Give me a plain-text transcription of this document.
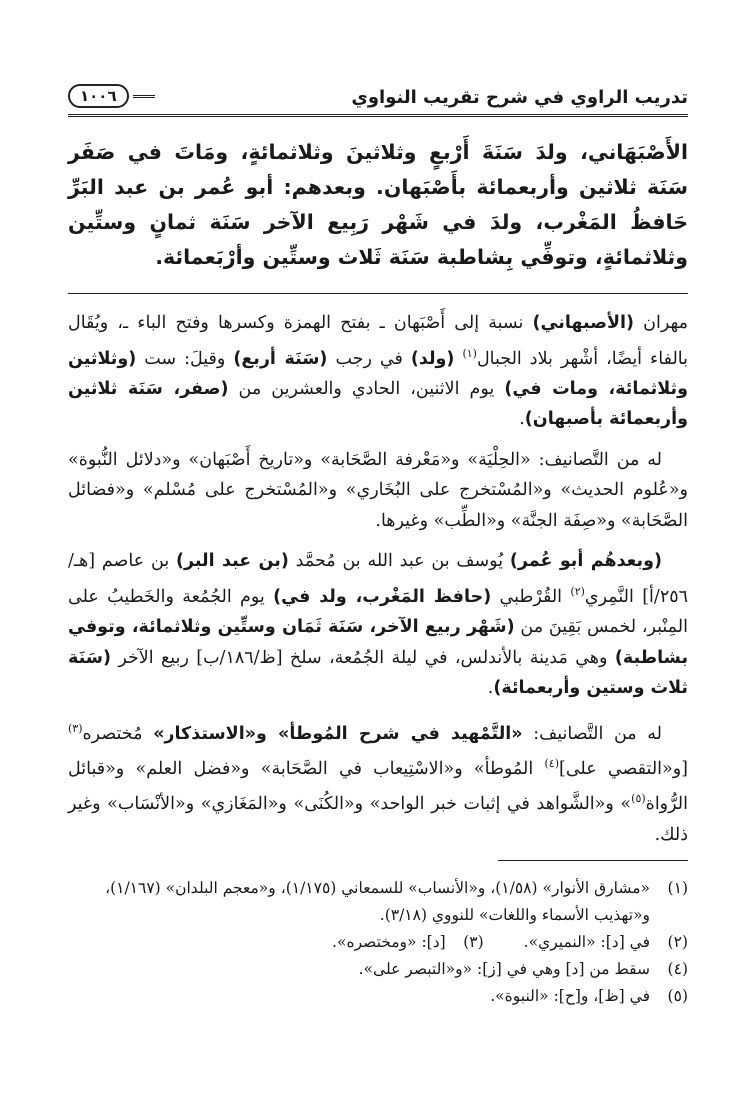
تدريب الراوي في شرح تقريب النواوي
١٠٠٦
الأَصْبَهَاني، ولدَ سَنَةَ أَرْبعٍ وثلاثينَ وثلاثمائةٍ، ومَاتَ في صَفَر سَنَة ثلاثين وأربعمائة بأَصْبَهان. وبعدهم: أبو عُمر بن عبد البَرِّ حَافظُ المَغْرب، ولدَ في شَهْر رَبِيع الآخر سَنَة ثمانٍ وستِّين وثلاثمائةٍ، وتوفِّي بِشاطبة سَنَة ثَلاث وستِّين وأرْبَعمائة.

مهران (الأصبهاني) نسبة إلى أَصْبَهان ـ بفتح الهمزة وكسرها وفتح الباء ـ، ويُقَال بالفاء أيضًا، أشْهر بلاد الجبال$^{(١)}$ (ولد) في رجب (سَنَة أربع) وقيلَ: ست (وثلاثين وثلاثمائة، ومات في) يوم الاثنين، الحادي والعشرين من (صفر، سَنَة ثلاثين وأربعمائة بأصبهان).

له من التَّصانيف: «الحِلْيَة» و«مَعْرفة الصَّحَابة» و«تاريخ أَصْبَهان» و«دلائل النُّبوة» و«عُلوم الحديث» و«المُسْتخرج على البُخَاري» و«المُسْتخرج على مُسْلم» و«فضائل الصَّحَابة» و«صِفَة الجنَّة» و«الطِّب» وغيرها.

(وبعدهُم أبو عُمر) يُوسف بن عبد الله بن مُحمَّد (بن عبد البر) بن عاصم [هـ/٢٥٦/أ] النَّمِري$^{(٢)}$ القُرْطبي (حافظ المَغْرب، ولد في) يوم الجُمُعة والخَطيبُ على المِنْبر، لخمس بَقِينَ من (شَهْر ربيع الآخر، سَنَة ثَمَان وستِّين وثلاثمائة، وتوفي بشاطبة) وهي مَدينة بالأندلس، في ليلة الجُمُعة، سلخ [ظ/١٨٦/ب] ربيع الآخر (سَنَة ثلاث وستين وأربعمائة).

له من التَّصانيف: «التَّمْهيد في شرح المُوطأ» و«الاستذكار» مُختصره$^{(٣)}$ [و«التقصي على]$^{(٤)}$ المُوطأ» و«الاسْتِيعاب في الصَّحَابة» و«فضل العلم» و«قبائل الرُّواة$^{(٥)}$» و«الشَّواهد في إثبات خبر الواحد» و«الكُنَى» و«المَغَازي» و«الأنْسَاب» وغير ذلك.

(١)
«مشارق الأنوار» (١/٥٨)، و«الأنساب» للسمعاني (١/١٧٥)، و«معجم البلدان» (١/١٦٧)، و«تهذيب الأسماء واللغات» للنووي (٣/١٨).
(٢)
في [د]: «النميري».
(٣)
[د]: «ومختصره».
(٤)
سقط من [د] وهي في [ز]: «و«التبصر على».
(٥)
في [ظ]، و[ح]: «النبوة».
